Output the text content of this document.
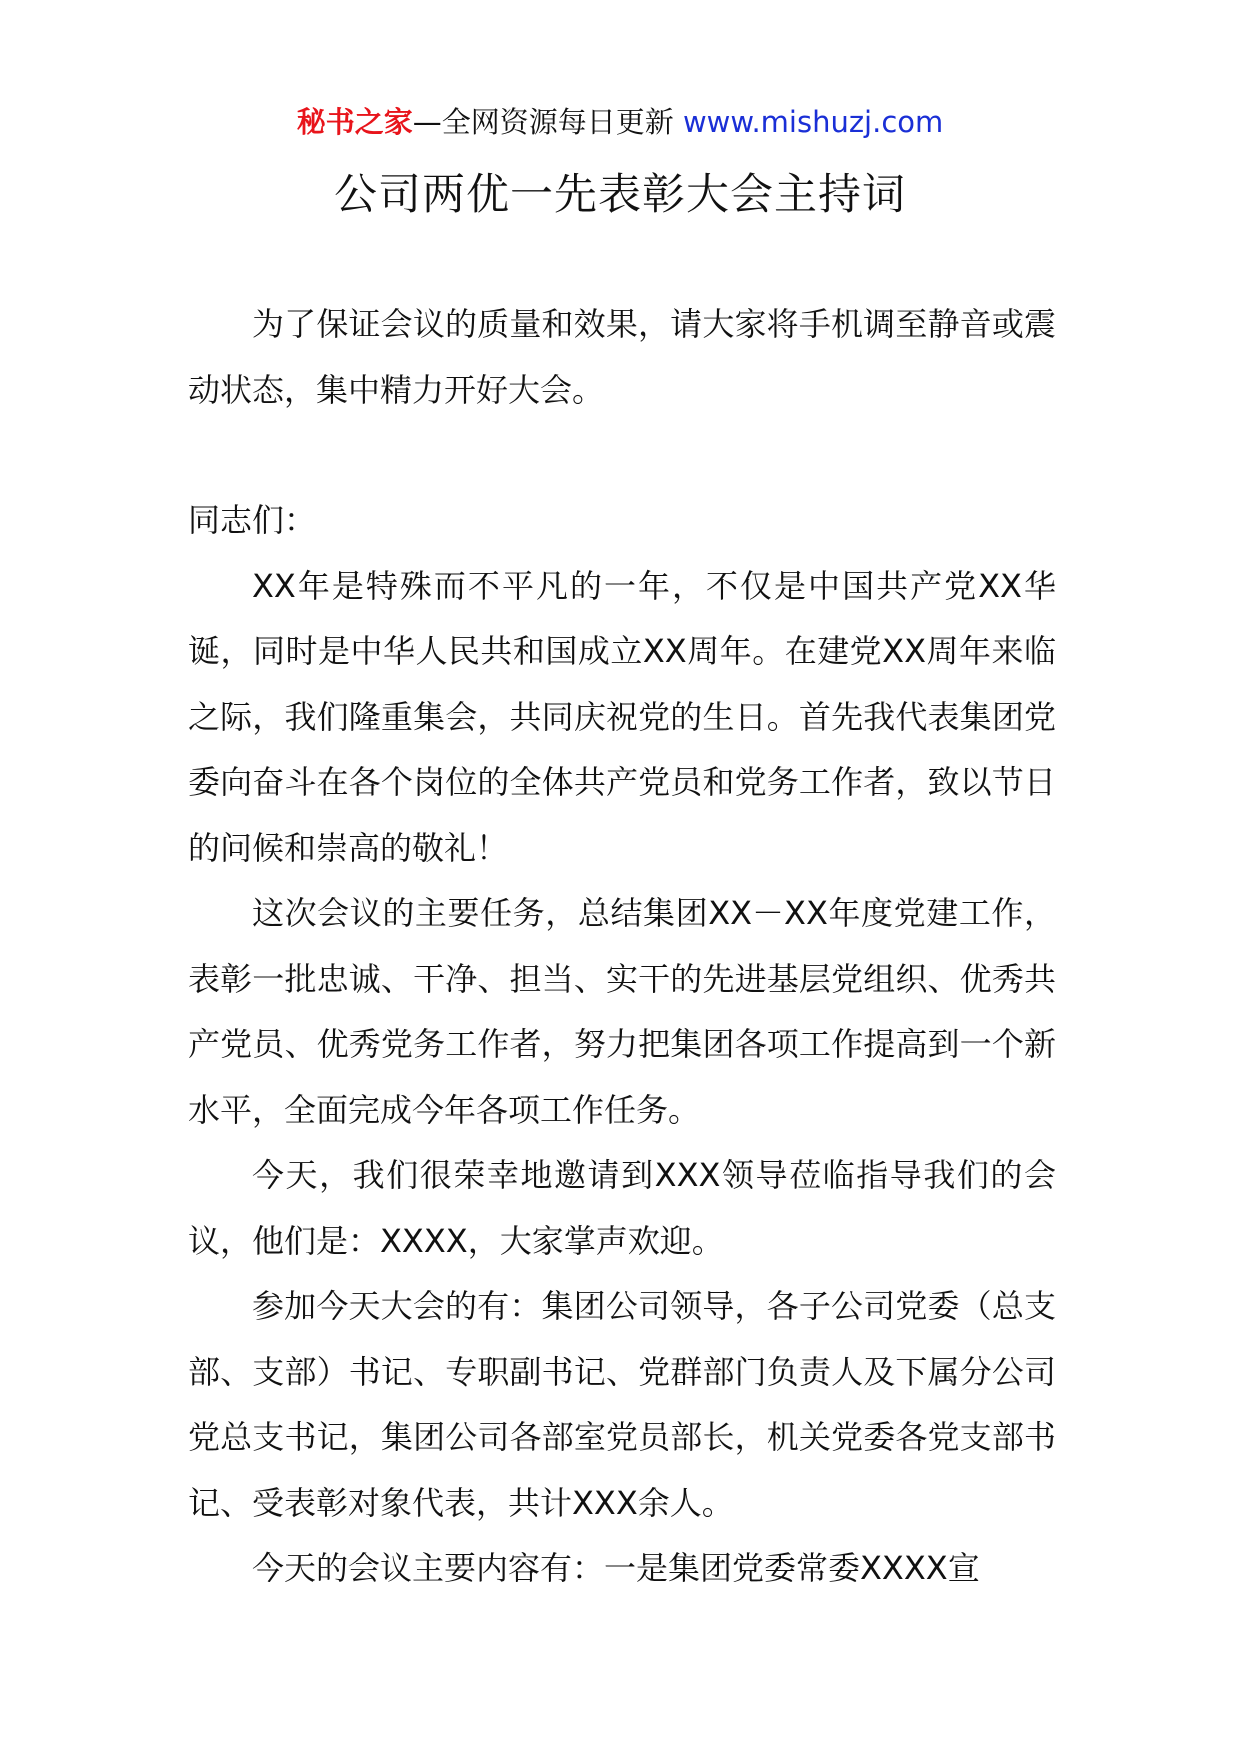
秘书之家—全网资源每日更新 www.mishuzj.com
公司两优一先表彰大会主持词

为了保证会议的质量和效果，请大家将手机调至静音或震动状态，集中精力开好大会。

同志们：

XX年是特殊而不平凡的一年，不仅是中国共产党XX华诞，同时是中华人民共和国成立XX周年。在建党XX周年来临之际，我们隆重集会，共同庆祝党的生日。首先我代表集团党委向奋斗在各个岗位的全体共产党员和党务工作者，致以节日的问候和崇高的敬礼！

这次会议的主要任务，总结集团XX－XX年度党建工作，表彰一批忠诚、干净、担当、实干的先进基层党组织、优秀共产党员、优秀党务工作者，努力把集团各项工作提高到一个新水平，全面完成今年各项工作任务。

今天，我们很荣幸地邀请到XXX领导莅临指导我们的会议，他们是：XXXX，大家掌声欢迎。

参加今天大会的有：集团公司领导，各子公司党委（总支部、支部）书记、专职副书记、党群部门负责人及下属分公司党总支书记，集团公司各部室党员部长，机关党委各党支部书记、受表彰对象代表，共计XXX余人。

今天的会议主要内容有：一是集团党委常委XXXX宣
